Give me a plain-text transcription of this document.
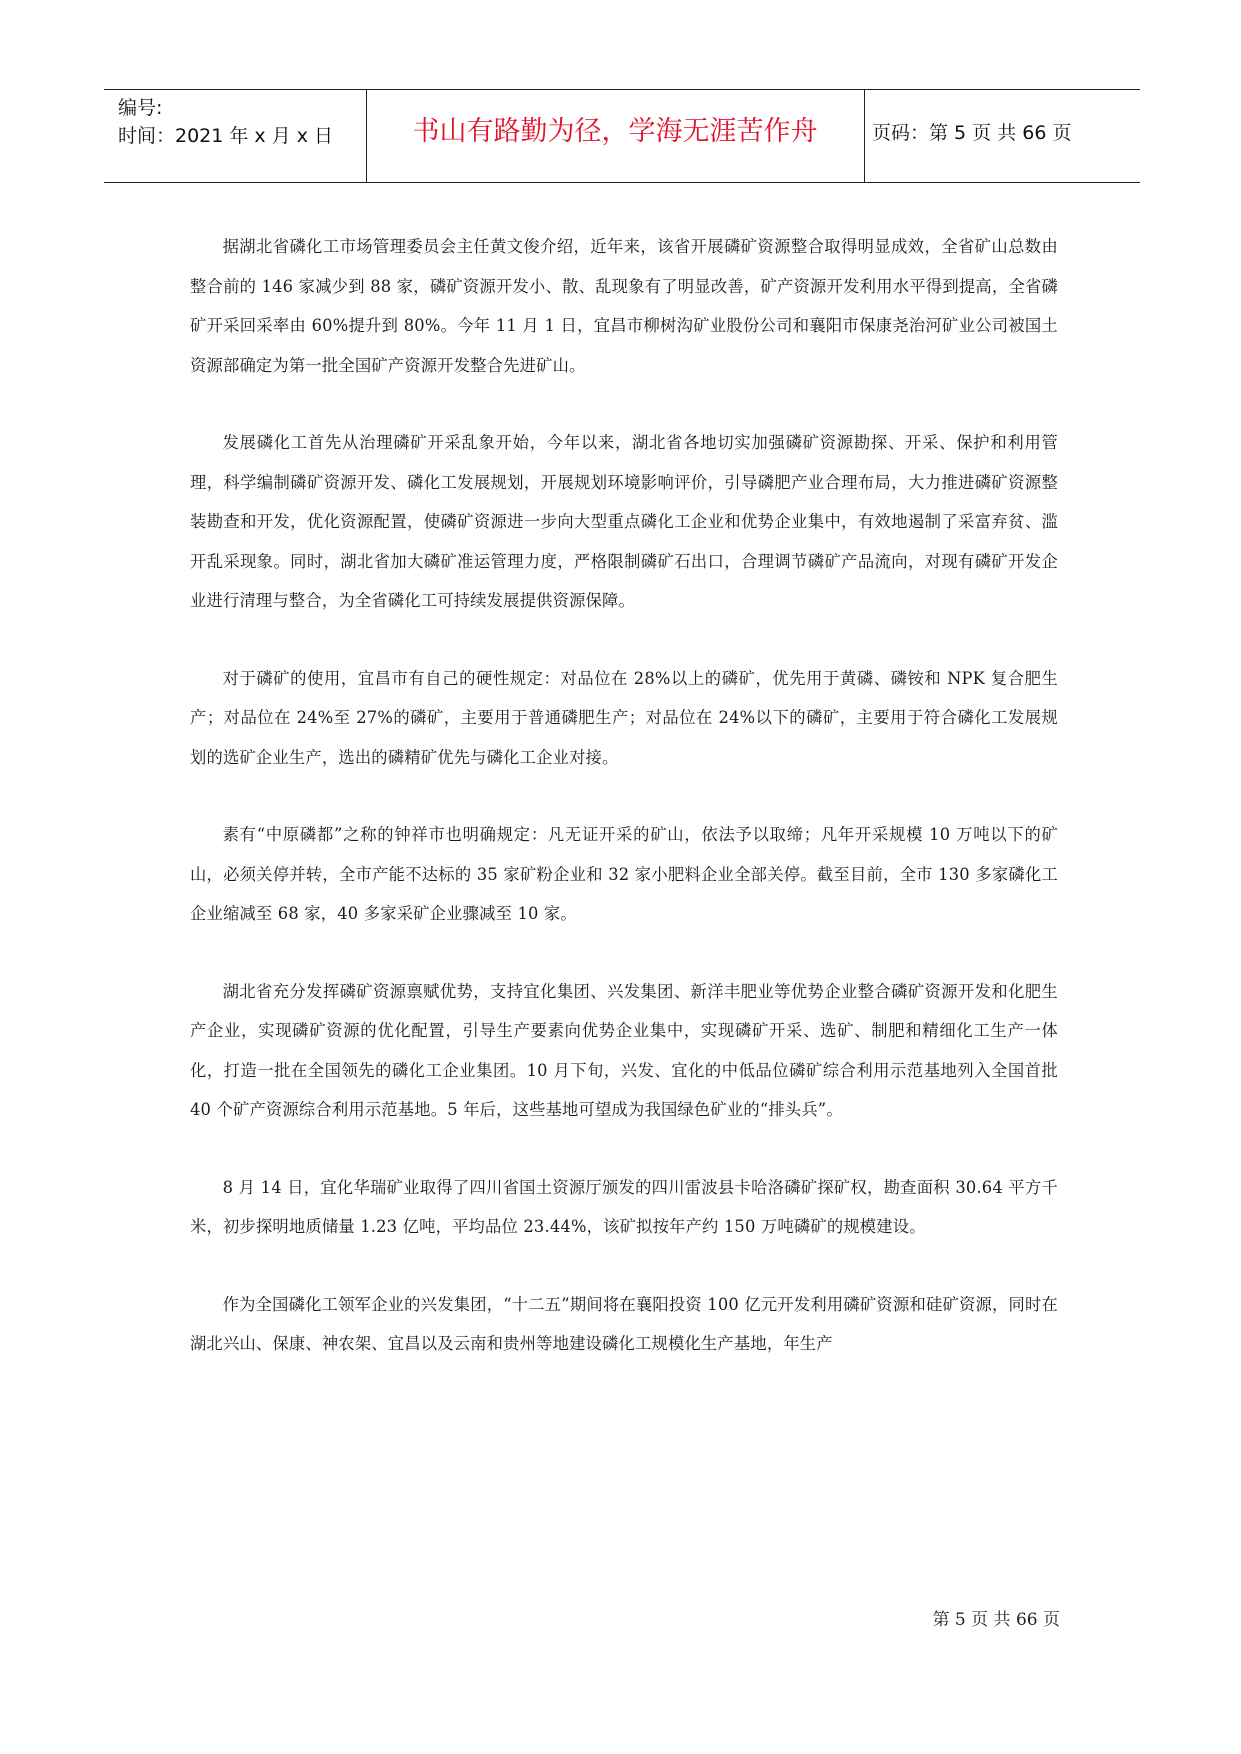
编号:
时间：2021 年 x 月 x 日	书山有路勤为径，学海无涯苦作舟	页码：第 5 页 共 66 页

据湖北省磷化工市场管理委员会主任黄文俊介绍，近年来，该省开展磷矿资源整合取得明显成效，全省矿山总数由整合前的 146 家减少到 88 家，磷矿资源开发小、散、乱现象有了明显改善，矿产资源开发利用水平得到提高，全省磷矿开采回采率由 60%提升到 80%。今年 11 月 1 日，宜昌市柳树沟矿业股份公司和襄阳市保康尧治河矿业公司被国土资源部确定为第一批全国矿产资源开发整合先进矿山。

发展磷化工首先从治理磷矿开采乱象开始，今年以来，湖北省各地切实加强磷矿资源勘探、开采、保护和利用管理，科学编制磷矿资源开发、磷化工发展规划，开展规划环境影响评价，引导磷肥产业合理布局，大力推进磷矿资源整装勘查和开发，优化资源配置，使磷矿资源进一步向大型重点磷化工企业和优势企业集中，有效地遏制了采富弃贫、滥开乱采现象。同时，湖北省加大磷矿准运管理力度，严格限制磷矿石出口，合理调节磷矿产品流向，对现有磷矿开发企业进行清理与整合，为全省磷化工可持续发展提供资源保障。

对于磷矿的使用，宜昌市有自己的硬性规定：对品位在 28%以上的磷矿，优先用于黄磷、磷铵和 NPK 复合肥生产；对品位在 24%至 27%的磷矿，主要用于普通磷肥生产；对品位在 24%以下的磷矿，主要用于符合磷化工发展规划的选矿企业生产，选出的磷精矿优先与磷化工企业对接。

素有“中原磷都”之称的钟祥市也明确规定：凡无证开采的矿山，依法予以取缔；凡年开采规模 10 万吨以下的矿山，必须关停并转，全市产能不达标的 35 家矿粉企业和 32 家小肥料企业全部关停。截至目前，全市 130 多家磷化工企业缩减至 68 家，40 多家采矿企业骤减至 10 家。

湖北省充分发挥磷矿资源禀赋优势，支持宜化集团、兴发集团、新洋丰肥业等优势企业整合磷矿资源开发和化肥生产企业，实现磷矿资源的优化配置，引导生产要素向优势企业集中，实现磷矿开采、选矿、制肥和精细化工生产一体化，打造一批在全国领先的磷化工企业集团。10 月下旬，兴发、宜化的中低品位磷矿综合利用示范基地列入全国首批 40 个矿产资源综合利用示范基地。5 年后，这些基地可望成为我国绿色矿业的“排头兵”。

8 月 14 日，宜化华瑞矿业取得了四川省国土资源厅颁发的四川雷波县卡哈洛磷矿探矿权，勘查面积 30.64 平方千米，初步探明地质储量 1.23 亿吨，平均品位 23.44%，该矿拟按年产约 150 万吨磷矿的规模建设。

作为全国磷化工领军企业的兴发集团，“十二五”期间将在襄阳投资 100 亿元开发利用磷矿资源和硅矿资源，同时在湖北兴山、保康、神农架、宜昌以及云南和贵州等地建设磷化工规模化生产基地，年生产

第 5 页 共 66 页
